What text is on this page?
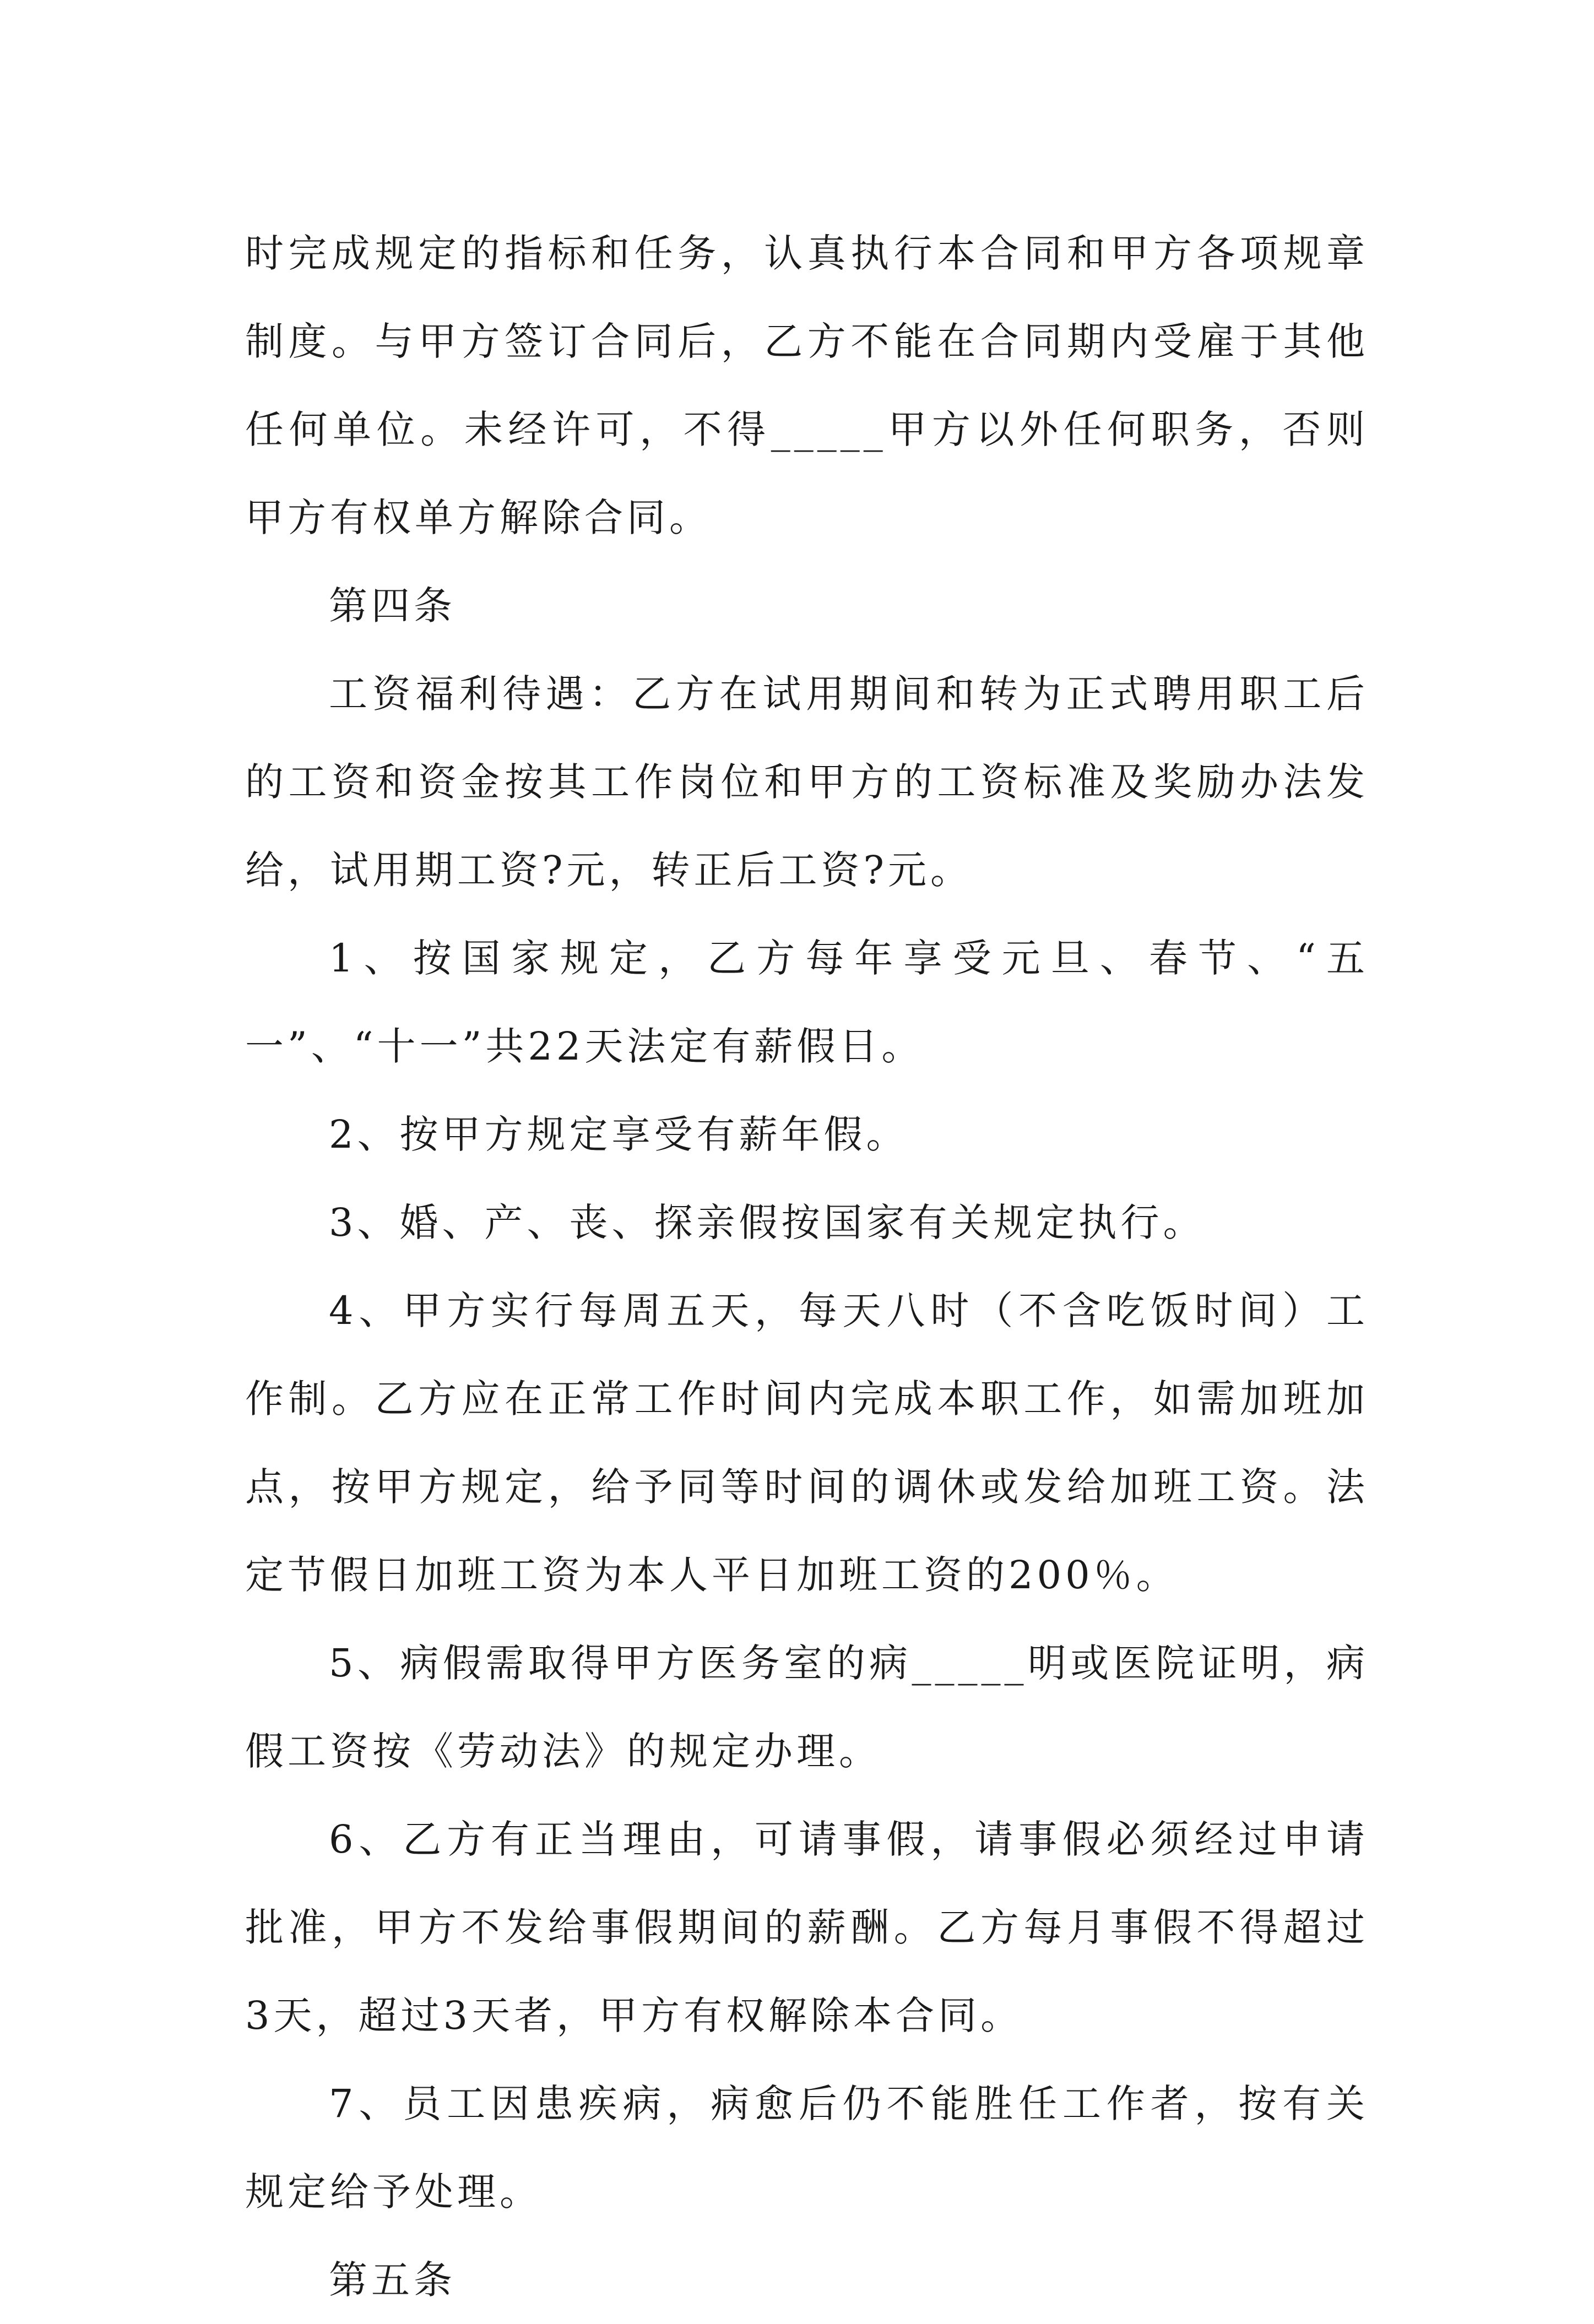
时完成规定的指标和任务，认真执行本合同和甲方各项规章制度。与甲方签订合同后，乙方不能在合同期内受雇于其他任何单位。未经许可，不得_____甲方以外任何职务，否则甲方有权单方解除合同。

第四条

工资福利待遇：乙方在试用期间和转为正式聘用职工后的工资和资金按其工作岗位和甲方的工资标准及奖励办法发给，试用期工资?元，转正后工资?元。

1、按国家规定，乙方每年享受元旦、春节、“五一”、“十一”共22天法定有薪假日。

2、按甲方规定享受有薪年假。

3、婚、产、丧、探亲假按国家有关规定执行。

4、甲方实行每周五天，每天八时（不含吃饭时间）工作制。乙方应在正常工作时间内完成本职工作，如需加班加点，按甲方规定，给予同等时间的调休或发给加班工资。法定节假日加班工资为本人平日加班工资的200％。

5、病假需取得甲方医务室的病_____明或医院证明，病假工资按《劳动法》的规定办理。

6、乙方有正当理由，可请事假，请事假必须经过申请批准，甲方不发给事假期间的薪酬。乙方每月事假不得超过3天，超过3天者，甲方有权解除本合同。

7、员工因患疾病，病愈后仍不能胜任工作者，按有关规定给予处理。

第五条
